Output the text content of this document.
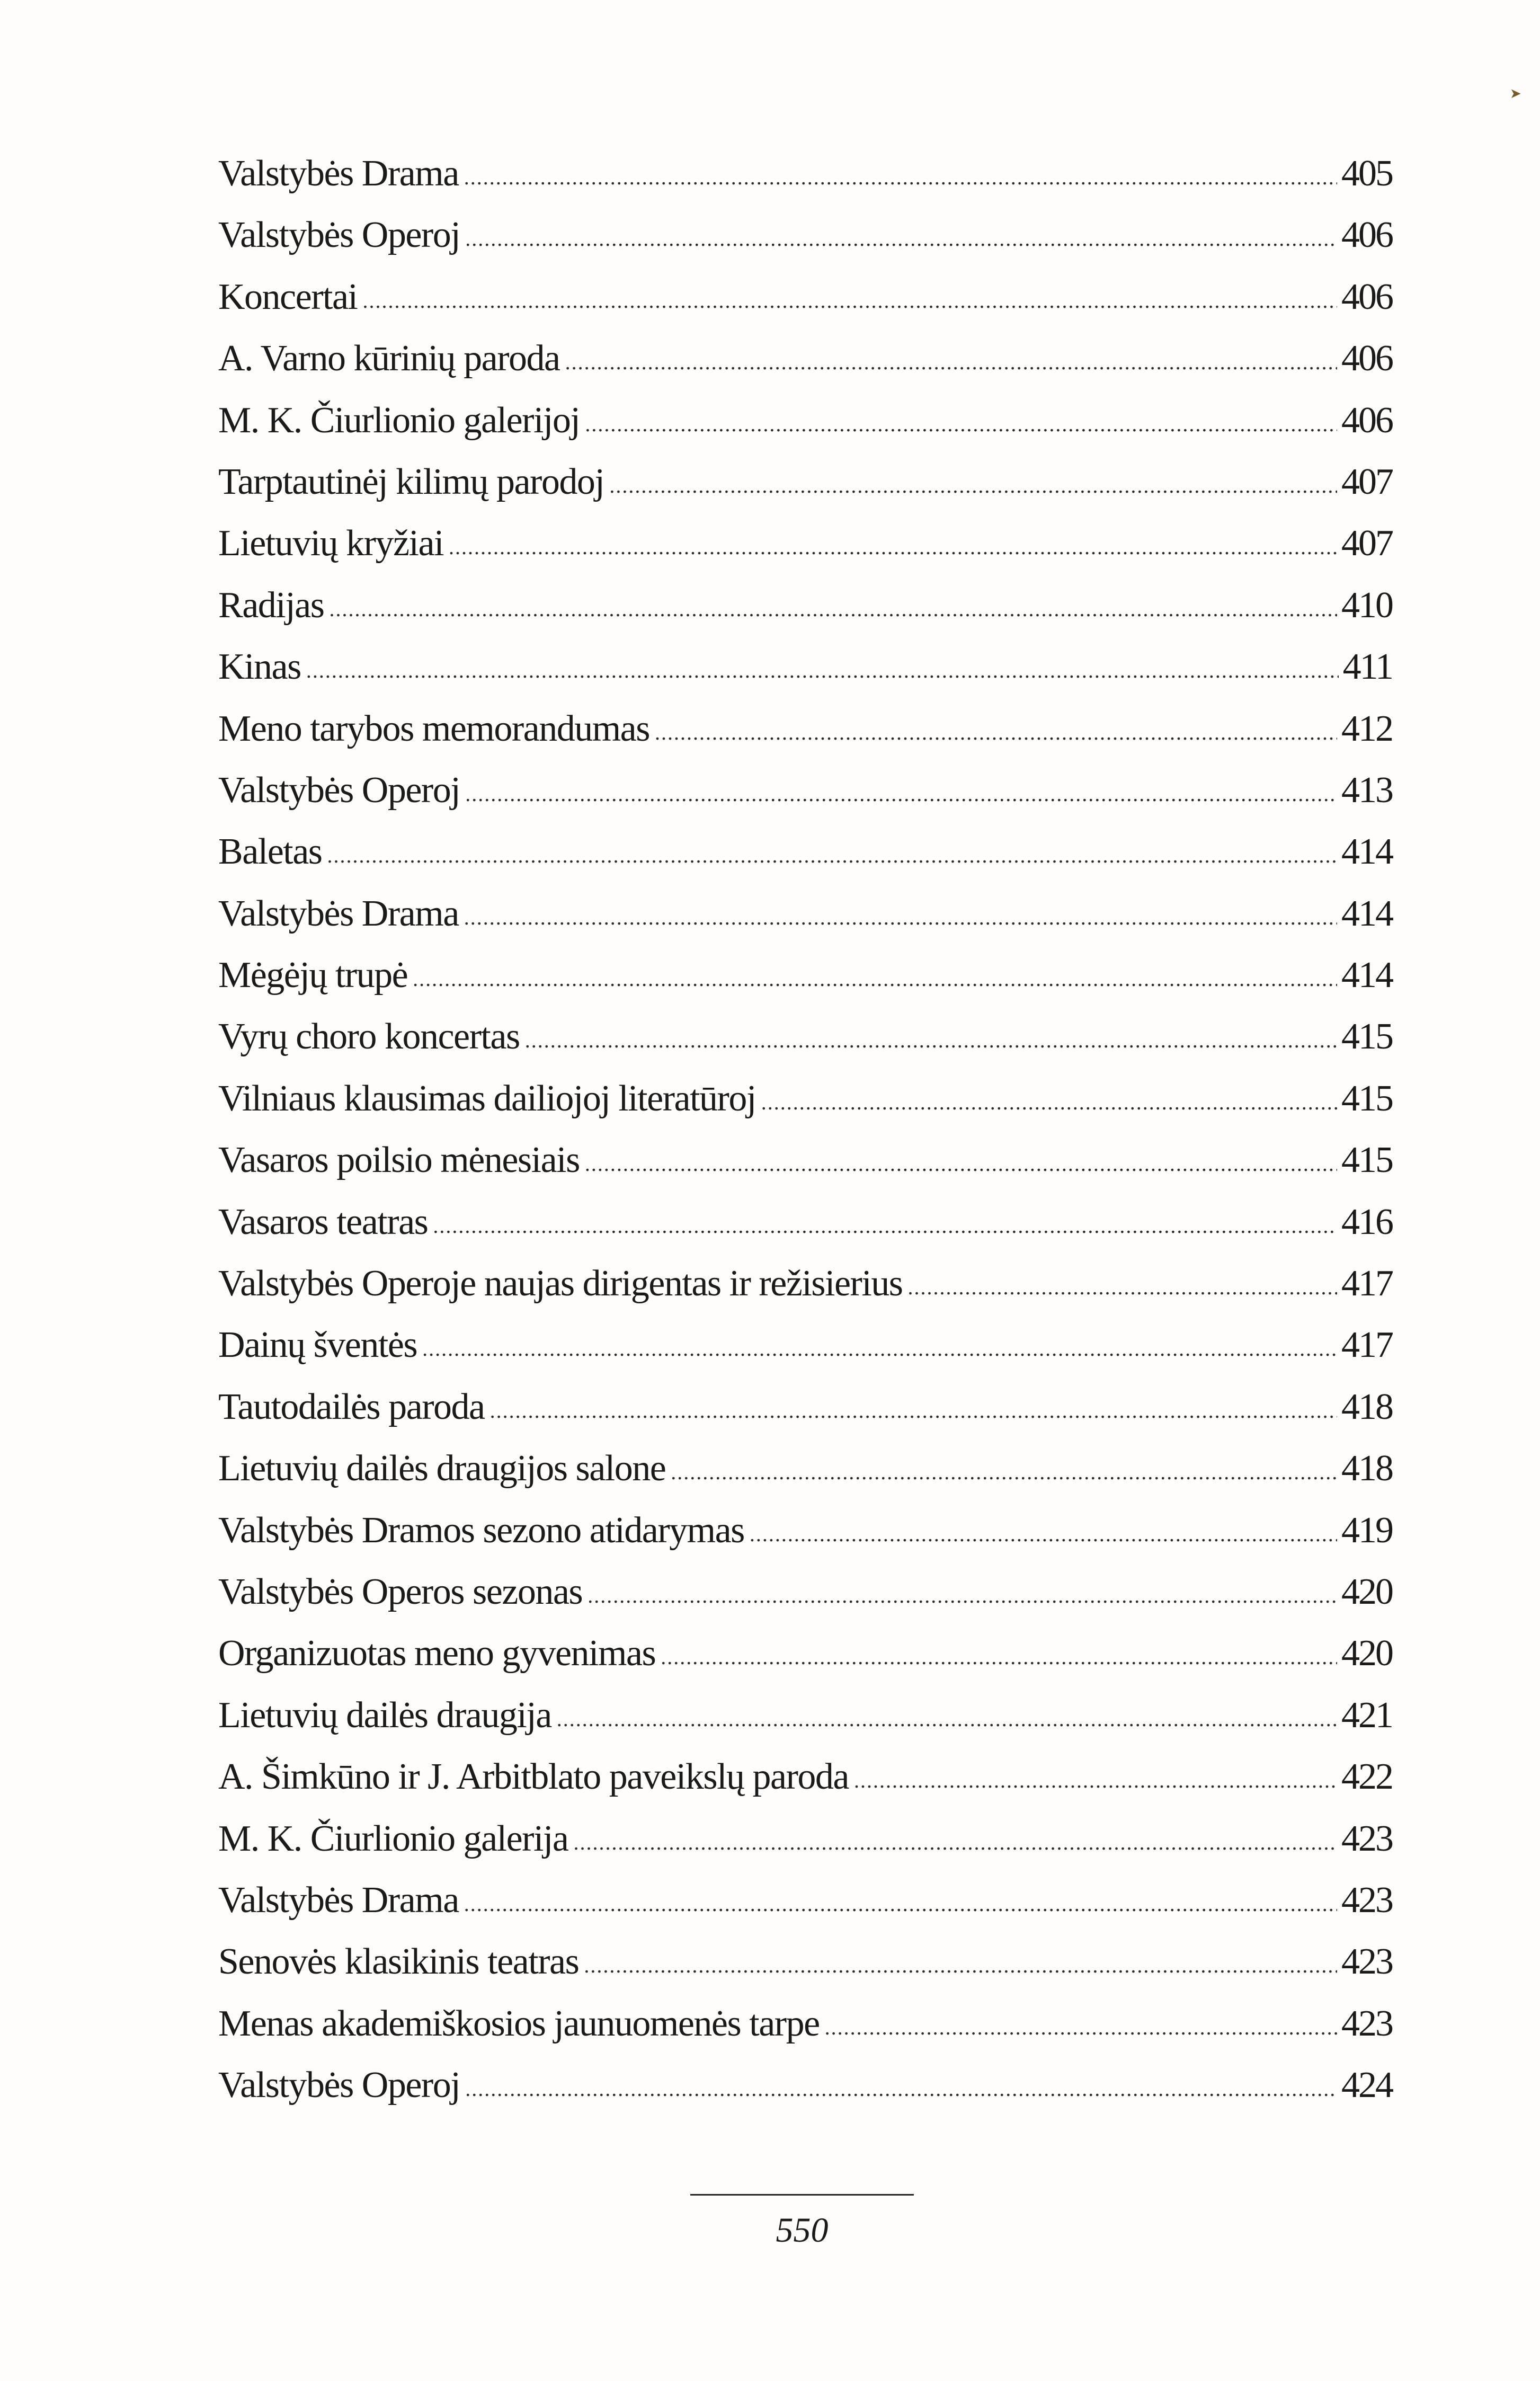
➤
Valstybės Drama .....	405
Valstybės Operoj .....	406
Koncertai .....	406
A. Varno kūrinių paroda .....	406
M. K. Čiurlionio galerijoj .....	406
Tarptautinėj kilimų parodoj .....	407
Lietuvių kryžiai .....	407
Radijas .....	410
Kinas .....	411
Meno tarybos memorandumas .....	412
Valstybės Operoj .....	413
Baletas .....	414
Valstybės Drama .....	414
Mėgėjų trupė .....	414
Vyrų choro koncertas .....	415
Vilniaus klausimas dailiojoj literatūroj .....	415
Vasaros poilsio mėnesiais .....	415
Vasaros teatras .....	416
Valstybės Operoje naujas dirigentas ir režisierius .....	417
Dainų šventės .....	417
Tautodailės paroda .....	418
Lietuvių dailės draugijos salone .....	418
Valstybės Dramos sezono atidarymas .....	419
Valstybės Operos sezonas .....	420
Organizuotas meno gyvenimas .....	420
Lietuvių dailės draugija .....	421
A. Šimkūno ir J. Arbitblato paveikslų paroda .....	422
M. K. Čiurlionio galerija .....	423
Valstybės Drama .....	423
Senovės klasikinis teatras .....	423
Menas akademiškosios jaunuomenės tarpe .....	423
Valstybės Operoj .....	424
550
